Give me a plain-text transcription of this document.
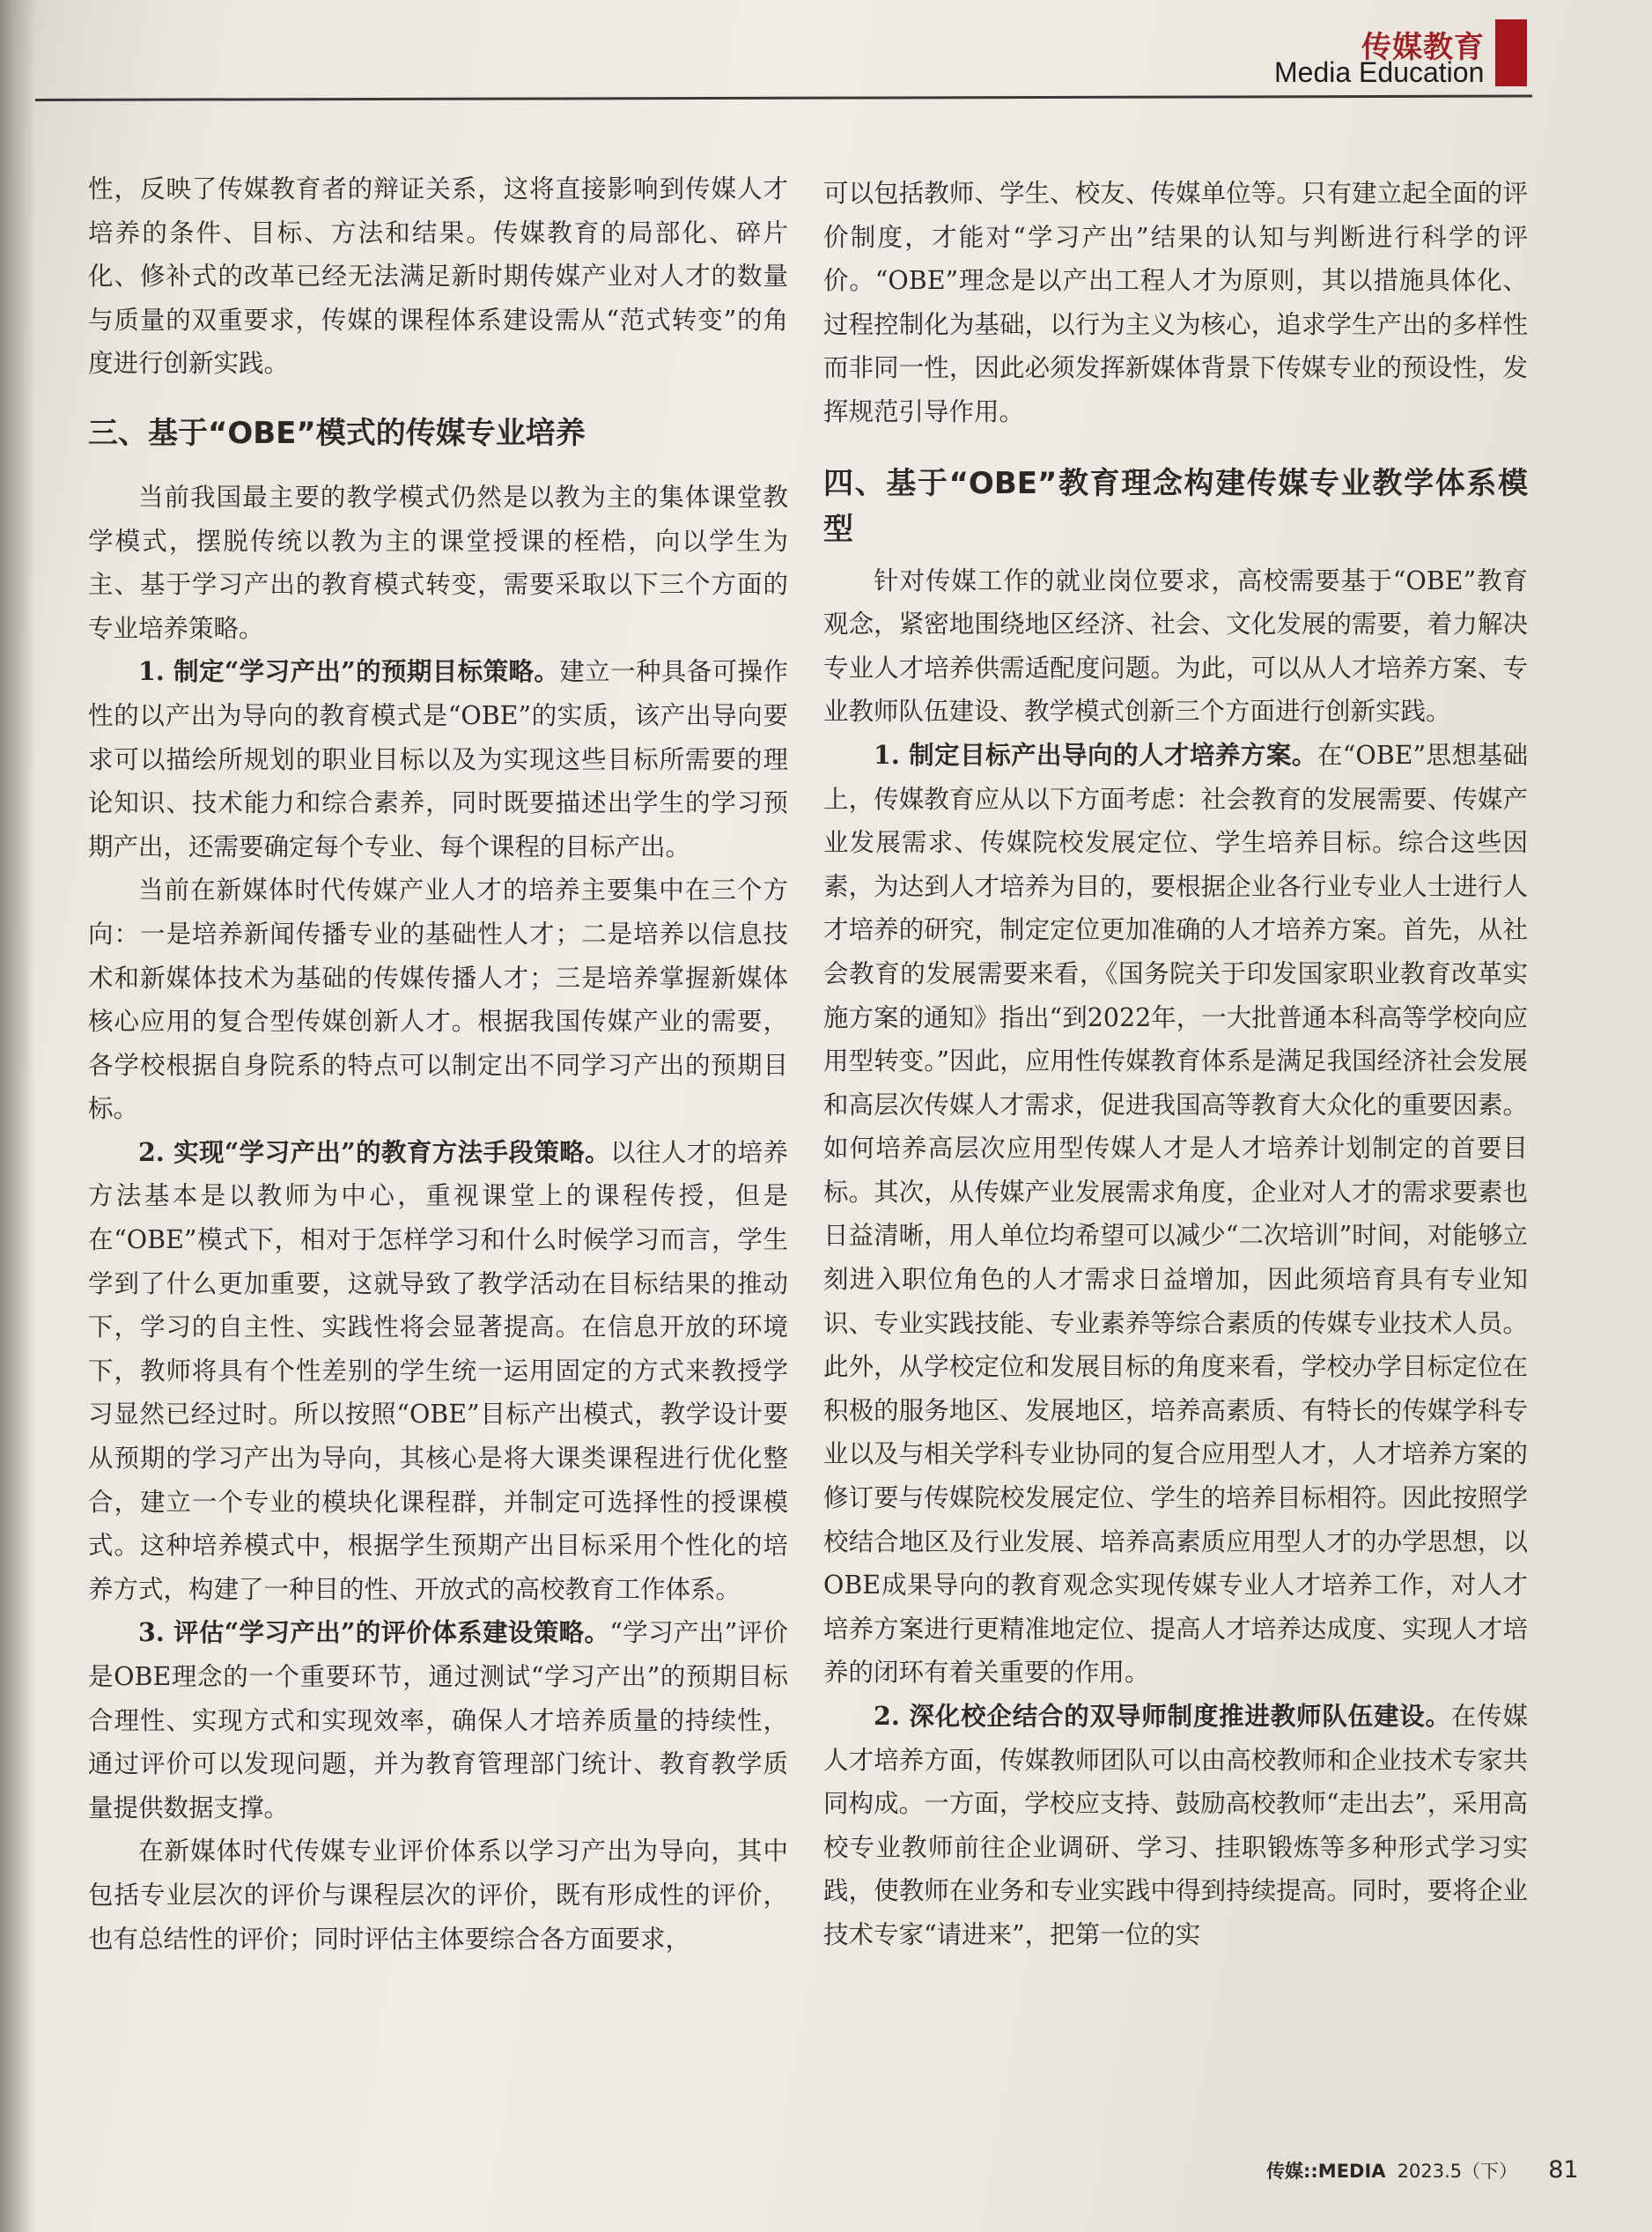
传媒教育
Media Education

性，反映了传媒教育者的辩证关系，这将直接影响到传媒人才培养的条件、目标、方法和结果。传媒教育的局部化、碎片化、修补式的改革已经无法满足新时期传媒产业对人才的数量与质量的双重要求，传媒的课程体系建设需从“范式转变”的角度进行创新实践。

三、基于“OBE”模式的传媒专业培养

当前我国最主要的教学模式仍然是以教为主的集体课堂教学模式，摆脱传统以教为主的课堂授课的桎梏，向以学生为主、基于学习产出的教育模式转变，需要采取以下三个方面的专业培养策略。

1. 制定“学习产出”的预期目标策略。建立一种具备可操作性的以产出为导向的教育模式是“OBE”的实质，该产出导向要求可以描绘所规划的职业目标以及为实现这些目标所需要的理论知识、技术能力和综合素养，同时既要描述出学生的学习预期产出，还需要确定每个专业、每个课程的目标产出。

当前在新媒体时代传媒产业人才的培养主要集中在三个方向：一是培养新闻传播专业的基础性人才；二是培养以信息技术和新媒体技术为基础的传媒传播人才；三是培养掌握新媒体核心应用的复合型传媒创新人才。根据我国传媒产业的需要，各学校根据自身院系的特点可以制定出不同学习产出的预期目标。

2. 实现“学习产出”的教育方法手段策略。以往人才的培养方法基本是以教师为中心，重视课堂上的课程传授，但是在“OBE”模式下，相对于怎样学习和什么时候学习而言，学生学到了什么更加重要，这就导致了教学活动在目标结果的推动下，学习的自主性、实践性将会显著提高。在信息开放的环境下，教师将具有个性差别的学生统一运用固定的方式来教授学习显然已经过时。所以按照“OBE”目标产出模式，教学设计要从预期的学习产出为导向，其核心是将大课类课程进行优化整合，建立一个专业的模块化课程群，并制定可选择性的授课模式。这种培养模式中，根据学生预期产出目标采用个性化的培养方式，构建了一种目的性、开放式的高校教育工作体系。

3. 评估“学习产出”的评价体系建设策略。“学习产出”评价是OBE理念的一个重要环节，通过测试“学习产出”的预期目标合理性、实现方式和实现效率，确保人才培养质量的持续性，通过评价可以发现问题，并为教育管理部门统计、教育教学质量提供数据支撑。

在新媒体时代传媒专业评价体系以学习产出为导向，其中包括专业层次的评价与课程层次的评价，既有形成性的评价，也有总结性的评价；同时评估主体要综合各方面要求，

可以包括教师、学生、校友、传媒单位等。只有建立起全面的评价制度，才能对“学习产出”结果的认知与判断进行科学的评价。“OBE”理念是以产出工程人才为原则，其以措施具体化、过程控制化为基础，以行为主义为核心，追求学生产出的多样性而非同一性，因此必须发挥新媒体背景下传媒专业的预设性，发挥规范引导作用。

四、基于“OBE”教育理念构建传媒专业教学体系模型

针对传媒工作的就业岗位要求，高校需要基于“OBE”教育观念，紧密地围绕地区经济、社会、文化发展的需要，着力解决专业人才培养供需适配度问题。为此，可以从人才培养方案、专业教师队伍建设、教学模式创新三个方面进行创新实践。

1. 制定目标产出导向的人才培养方案。在“OBE”思想基础上，传媒教育应从以下方面考虑：社会教育的发展需要、传媒产业发展需求、传媒院校发展定位、学生培养目标。综合这些因素，为达到人才培养为目的，要根据企业各行业专业人士进行人才培养的研究，制定定位更加准确的人才培养方案。首先，从社会教育的发展需要来看，《国务院关于印发国家职业教育改革实施方案的通知》指出“到2022年，一大批普通本科高等学校向应用型转变。”因此，应用性传媒教育体系是满足我国经济社会发展和高层次传媒人才需求，促进我国高等教育大众化的重要因素。如何培养高层次应用型传媒人才是人才培养计划制定的首要目标。其次，从传媒产业发展需求角度，企业对人才的需求要素也日益清晰，用人单位均希望可以减少“二次培训”时间，对能够立刻进入职位角色的人才需求日益增加，因此须培育具有专业知识、专业实践技能、专业素养等综合素质的传媒专业技术人员。此外，从学校定位和发展目标的角度来看，学校办学目标定位在积极的服务地区、发展地区，培养高素质、有特长的传媒学科专业以及与相关学科专业协同的复合应用型人才，人才培养方案的修订要与传媒院校发展定位、学生的培养目标相符。因此按照学校结合地区及行业发展、培养高素质应用型人才的办学思想，以OBE成果导向的教育观念实现传媒专业人才培养工作，对人才培养方案进行更精准地定位、提高人才培养达成度、实现人才培养的闭环有着关重要的作用。

2. 深化校企结合的双导师制度推进教师队伍建设。在传媒人才培养方面，传媒教师团队可以由高校教师和企业技术专家共同构成。一方面，学校应支持、鼓励高校教师“走出去”，采用高校专业教师前往企业调研、学习、挂职锻炼等多种形式学习实践，使教师在业务和专业实践中得到持续提高。同时，要将企业技术专家“请进来”，把第一位的实

传媒::MEDIA 2023.5（下） 81
